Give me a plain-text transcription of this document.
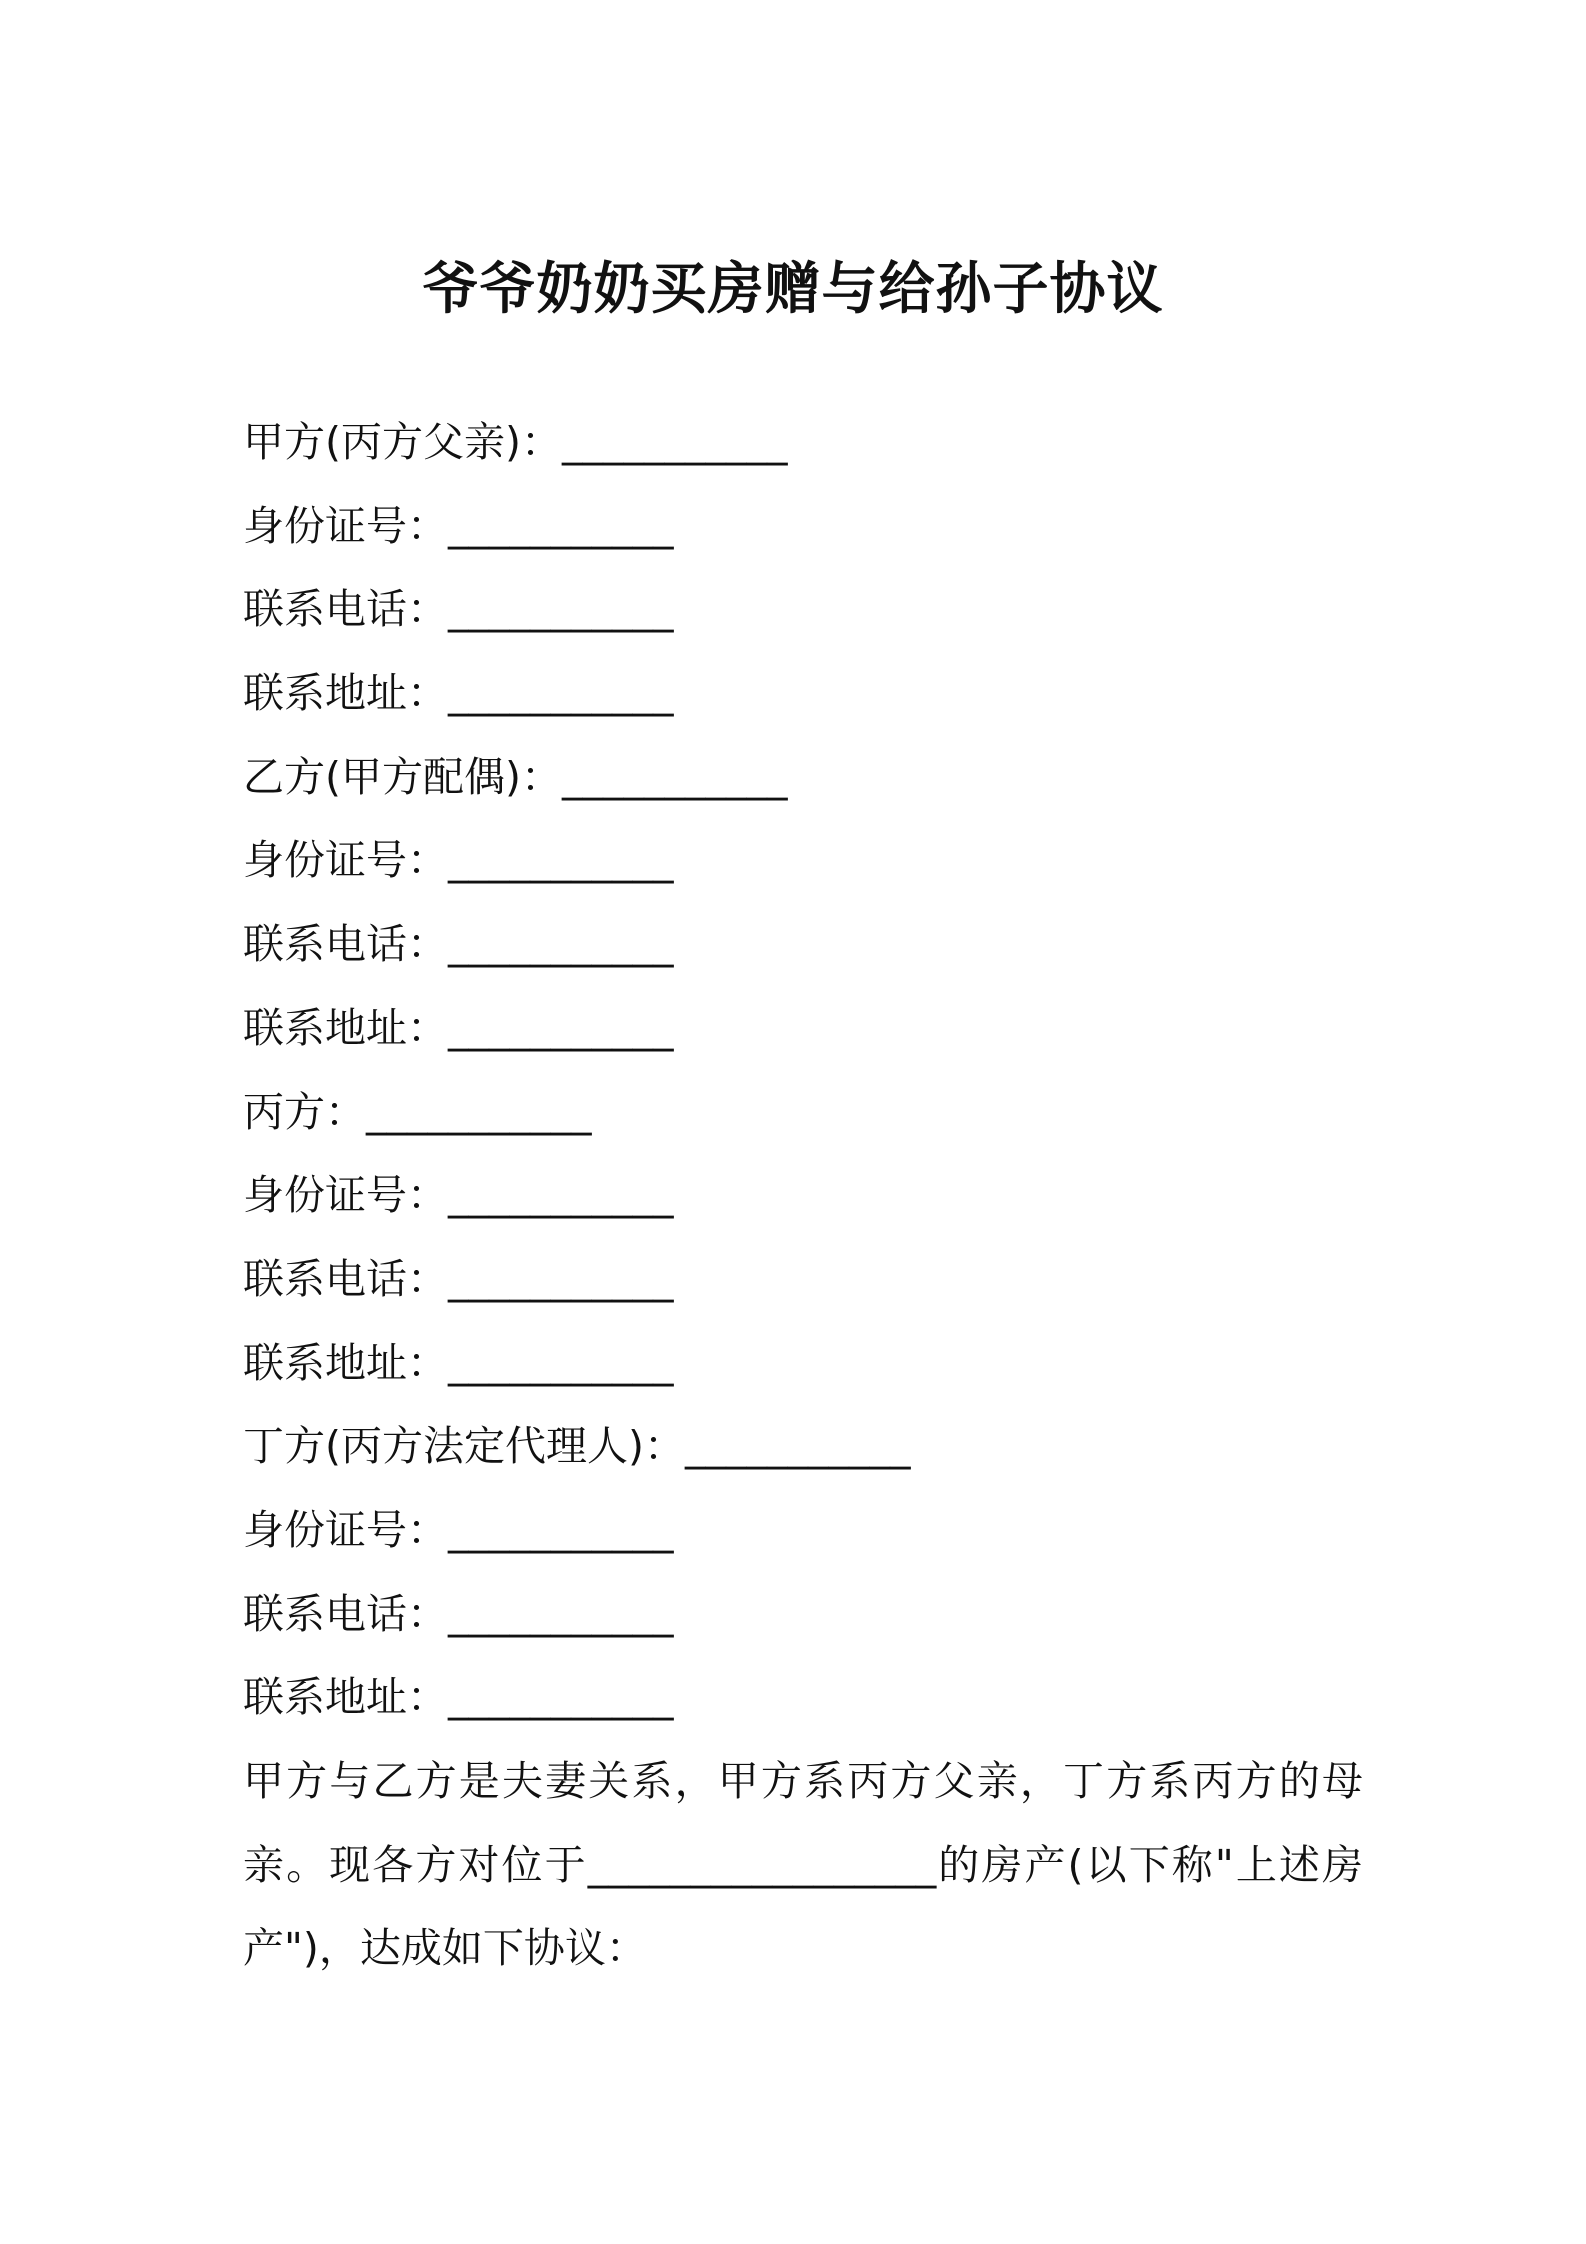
爷爷奶奶买房赠与给孙子协议
甲方(丙方父亲)：___________
身份证号：___________
联系电话：___________
联系地址：___________
乙方(甲方配偶)：___________
身份证号：___________
联系电话：___________
联系地址：___________
丙方：___________
身份证号：___________
联系电话：___________
联系地址：___________
丁方(丙方法定代理人)：___________
身份证号：___________
联系电话：___________
联系地址：___________

甲方与乙方是夫妻关系，甲方系丙方父亲，丁方系丙方的母亲。现各方对位于_________________的房产(以下称"上述房产")，达成如下协议：
